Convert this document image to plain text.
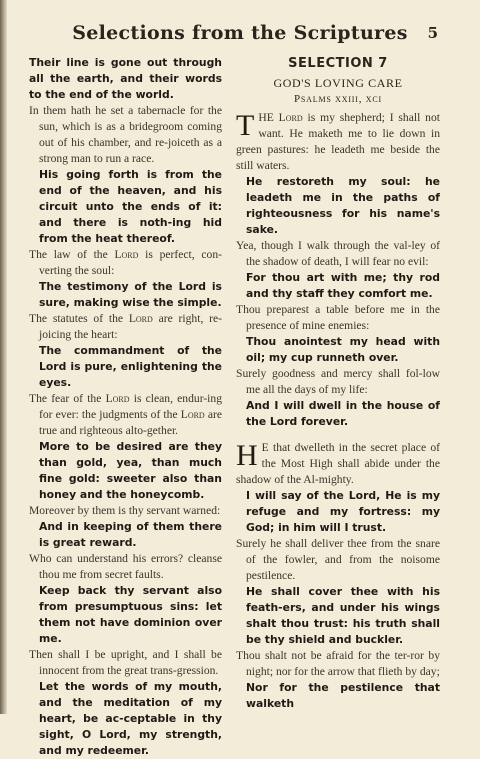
Selections from the Scriptures	5

Their line is gone out through all the earth, and their words to the end of the world.

In them hath he set a tabernacle for the sun, which is as a bridegroom coming out of his chamber, and re-joiceth as a strong man to run a race.

His going forth is from the end of the heaven, and his circuit unto the ends of it: and there is noth-ing hid from the heat thereof.

The law of the Lord is perfect, con-verting the soul:

The testimony of the Lord is sure, making wise the simple.

The statutes of the Lord are right, re-joicing the heart:

The commandment of the Lord is pure, enlightening the eyes.

The fear of the Lord is clean, endur-ing for ever: the judgments of the Lord are true and righteous alto-gether.

More to be desired are they than gold, yea, than much fine gold: sweeter also than honey and the honeycomb.

Moreover by them is thy servant warned:

And in keeping of them there is great reward.

Who can understand his errors? cleanse thou me from secret faults.

Keep back thy servant also from presumptuous sins: let them not have dominion over me.

Then shall I be upright, and I shall be innocent from the great trans-gression.

Let the words of my mouth, and the meditation of my heart, be ac-ceptable in thy sight, O Lord, my strength, and my redeemer.

SELECTION 7

GOD'S LOVING CARE

Psalms xxiii, xci

THE Lord is my shepherd; I shall not want. He maketh me to lie down in green pastures: he leadeth me beside the still waters.

He restoreth my soul: he leadeth me in the paths of righteousness for his name's sake.

Yea, though I walk through the val-ley of the shadow of death, I will fear no evil:

For thou art with me; thy rod and thy staff they comfort me.

Thou preparest a table before me in the presence of mine enemies:

Thou anointest my head with oil; my cup runneth over.

Surely goodness and mercy shall fol-low me all the days of my life:

And I will dwell in the house of the Lord forever.

H E that dwelleth in the secret place of the Most High shall abide under the shadow of the Al-mighty.

I will say of the Lord, He is my refuge and my fortress: my God; in him will I trust.

Surely he shall deliver thee from the snare of the fowler, and from the noisome pestilence.

He shall cover thee with his feath-ers, and under his wings shalt thou trust: his truth shall be thy shield and buckler.

Thou shalt not be afraid for the ter-ror by night; nor for the arrow that flieth by day;

Nor for the pestilence that walketh
